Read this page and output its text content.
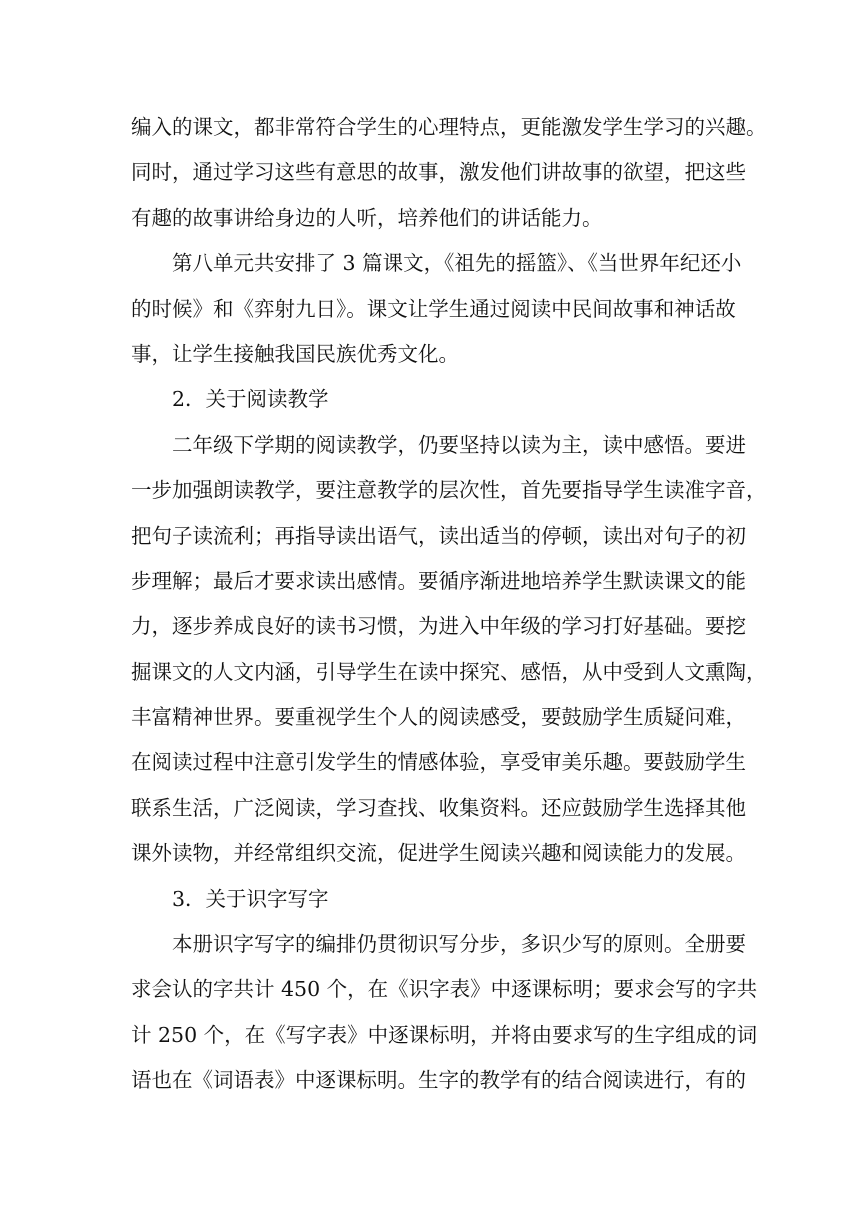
编入的课文，都非常符合学生的心理特点，更能激发学生学习的兴趣。
同时，通过学习这些有意思的故事，激发他们讲故事的欲望，把这些
有趣的故事讲给身边的人听，培养他们的讲话能力。
第八单元共安排了 3 篇课文，《祖先的摇篮》、《当世界年纪还小
的时候》和《弈射九日》。课文让学生通过阅读中民间故事和神话故
事，让学生接触我国民族优秀文化。
2．关于阅读教学
二年级下学期的阅读教学，仍要坚持以读为主，读中感悟。要进
一步加强朗读教学，要注意教学的层次性，首先要指导学生读准字音，
把句子读流利；再指导读出语气，读出适当的停顿，读出对句子的初
步理解；最后才要求读出感情。要循序渐进地培养学生默读课文的能
力，逐步养成良好的读书习惯，为进入中年级的学习打好基础。要挖
掘课文的人文内涵，引导学生在读中探究、感悟，从中受到人文熏陶，
丰富精神世界。要重视学生个人的阅读感受，要鼓励学生质疑问难，
在阅读过程中注意引发学生的情感体验，享受审美乐趣。要鼓励学生
联系生活，广泛阅读，学习查找、收集资料。还应鼓励学生选择其他
课外读物，并经常组织交流，促进学生阅读兴趣和阅读能力的发展。
3．关于识字写字
本册识字写字的编排仍贯彻识写分步，多识少写的原则。全册要
求会认的字共计 450 个，在《识字表》中逐课标明；要求会写的字共
计 250 个，在《写字表》中逐课标明，并将由要求写的生字组成的词
语也在《词语表》中逐课标明。生字的教学有的结合阅读进行，有的
